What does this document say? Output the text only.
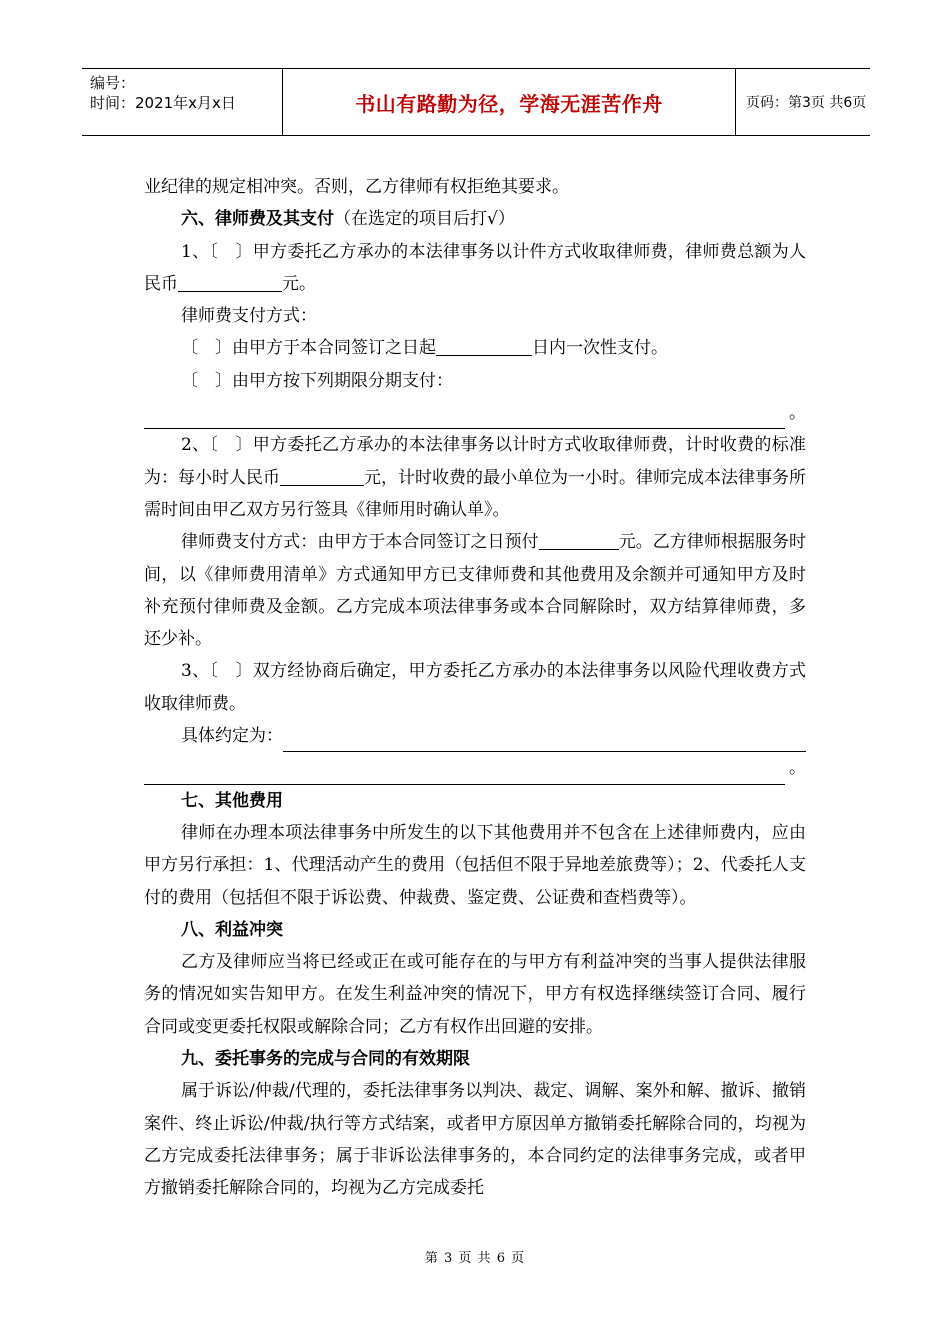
编号：
时间：2021年x月x日	书山有路勤为径，学海无涯苦作舟	页码：第3页 共6页

业纪律的规定相冲突。否则，乙方律师有权拒绝其要求。

六、律师费及其支付（在选定的项目后打√）

1、〔　〕甲方委托乙方承办的本法律事务以计件方式收取律师费，律师费总额为人民币	元。

律师费支付方式：

〔　〕由甲方于本合同签订之日起	日内一次性支付。

〔　〕由甲方按下列期限分期支付：

。

2、〔　〕甲方委托乙方承办的本法律事务以计时方式收取律师费，计时收费的标准为：每小时人民币	元，计时收费的最小单位为一小时。律师完成本法律事务所需时间由甲乙双方另行签具《律师用时确认单》。

律师费支付方式：由甲方于本合同签订之日预付	元。乙方律师根据服务时间，以《律师费用清单》方式通知甲方已支律师费和其他费用及余额并可通知甲方及时补充预付律师费及金额。乙方完成本项法律事务或本合同解除时，双方结算律师费，多还少补。

3、〔　〕双方经协商后确定，甲方委托乙方承办的本法律事务以风险代理收费方式收取律师费。

具体约定为：
。

七、其他费用

律师在办理本项法律事务中所发生的以下其他费用并不包含在上述律师费内，应由甲方另行承担：1、代理活动产生的费用（包括但不限于异地差旅费等）；2、代委托人支付的费用（包括但不限于诉讼费、仲裁费、鉴定费、公证费和查档费等）。

八、利益冲突

乙方及律师应当将已经或正在或可能存在的与甲方有利益冲突的当事人提供法律服务的情况如实告知甲方。在发生利益冲突的情况下，甲方有权选择继续签订合同、履行合同或变更委托权限或解除合同；乙方有权作出回避的安排。

九、委托事务的完成与合同的有效期限

属于诉讼/仲裁/代理的，委托法律事务以判决、裁定、调解、案外和解、撤诉、撤销案件、终止诉讼/仲裁/执行等方式结案，或者甲方原因单方撤销委托解除合同的，均视为乙方完成委托法律事务；属于非诉讼法律事务的，本合同约定的法律事务完成，或者甲方撤销委托解除合同的，均视为乙方完成委托

第 3 页 共 6 页
